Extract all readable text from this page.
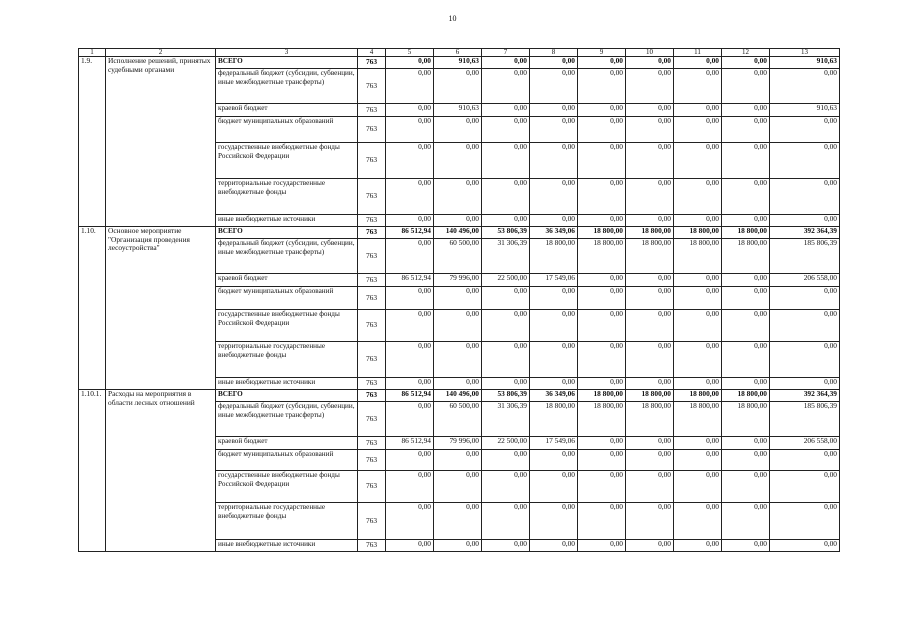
10
1	2	3	4	5	6	7	8	9	10	11	12	13
1.9.	Исполнение решений, принятых судебными органами	ВСЕГО	763	0,00	910,63	0,00	0,00	0,00	0,00	0,00	0,00	910,63
		федеральный бюджет (субсидии, субвенции, иные межбюджетные трансферты)	763	0,00	0,00	0,00	0,00	0,00	0,00	0,00	0,00	0,00
		краевой бюджет	763	0,00	910,63	0,00	0,00	0,00	0,00	0,00	0,00	910,63
		бюджет муниципальных образований	763	0,00	0,00	0,00	0,00	0,00	0,00	0,00	0,00	0,00
		государственные внебюджетные фонды Российской Федерации	763	0,00	0,00	0,00	0,00	0,00	0,00	0,00	0,00	0,00
		территориальные государственные внебюджетные фонды	763	0,00	0,00	0,00	0,00	0,00	0,00	0,00	0,00	0,00
		иные внебюджетные источники	763	0,00	0,00	0,00	0,00	0,00	0,00	0,00	0,00	0,00
1.10.	Основное мероприятие "Организация проведения лесоустройства"	ВСЕГО	763	86 512,94	140 496,00	53 806,39	36 349,06	18 800,00	18 800,00	18 800,00	18 800,00	392 364,39
		федеральный бюджет (субсидии, субвенции, иные межбюджетные трансферты)	763	0,00	60 500,00	31 306,39	18 800,00	18 800,00	18 800,00	18 800,00	18 800,00	185 806,39
		краевой бюджет	763	86 512,94	79 996,00	22 500,00	17 549,06	0,00	0,00	0,00	0,00	206 558,00
		бюджет муниципальных образований	763	0,00	0,00	0,00	0,00	0,00	0,00	0,00	0,00	0,00
		государственные внебюджетные фонды Российской Федерации	763	0,00	0,00	0,00	0,00	0,00	0,00	0,00	0,00	0,00
		территориальные государственные внебюджетные фонды	763	0,00	0,00	0,00	0,00	0,00	0,00	0,00	0,00	0,00
		иные внебюджетные источники	763	0,00	0,00	0,00	0,00	0,00	0,00	0,00	0,00	0,00
1.10.1.	Расходы на мероприятия в области лесных отношений	ВСЕГО	763	86 512,94	140 496,00	53 806,39	36 349,06	18 800,00	18 800,00	18 800,00	18 800,00	392 364,39
		федеральный бюджет (субсидии, субвенции, иные межбюджетные трансферты)	763	0,00	60 500,00	31 306,39	18 800,00	18 800,00	18 800,00	18 800,00	18 800,00	185 806,39
		краевой бюджет	763	86 512,94	79 996,00	22 500,00	17 549,06	0,00	0,00	0,00	0,00	206 558,00
		бюджет муниципальных образований	763	0,00	0,00	0,00	0,00	0,00	0,00	0,00	0,00	0,00
		государственные внебюджетные фонды Российской Федерации	763	0,00	0,00	0,00	0,00	0,00	0,00	0,00	0,00	0,00
		территориальные государственные внебюджетные фонды	763	0,00	0,00	0,00	0,00	0,00	0,00	0,00	0,00	0,00
		иные внебюджетные источники	763	0,00	0,00	0,00	0,00	0,00	0,00	0,00	0,00	0,00
